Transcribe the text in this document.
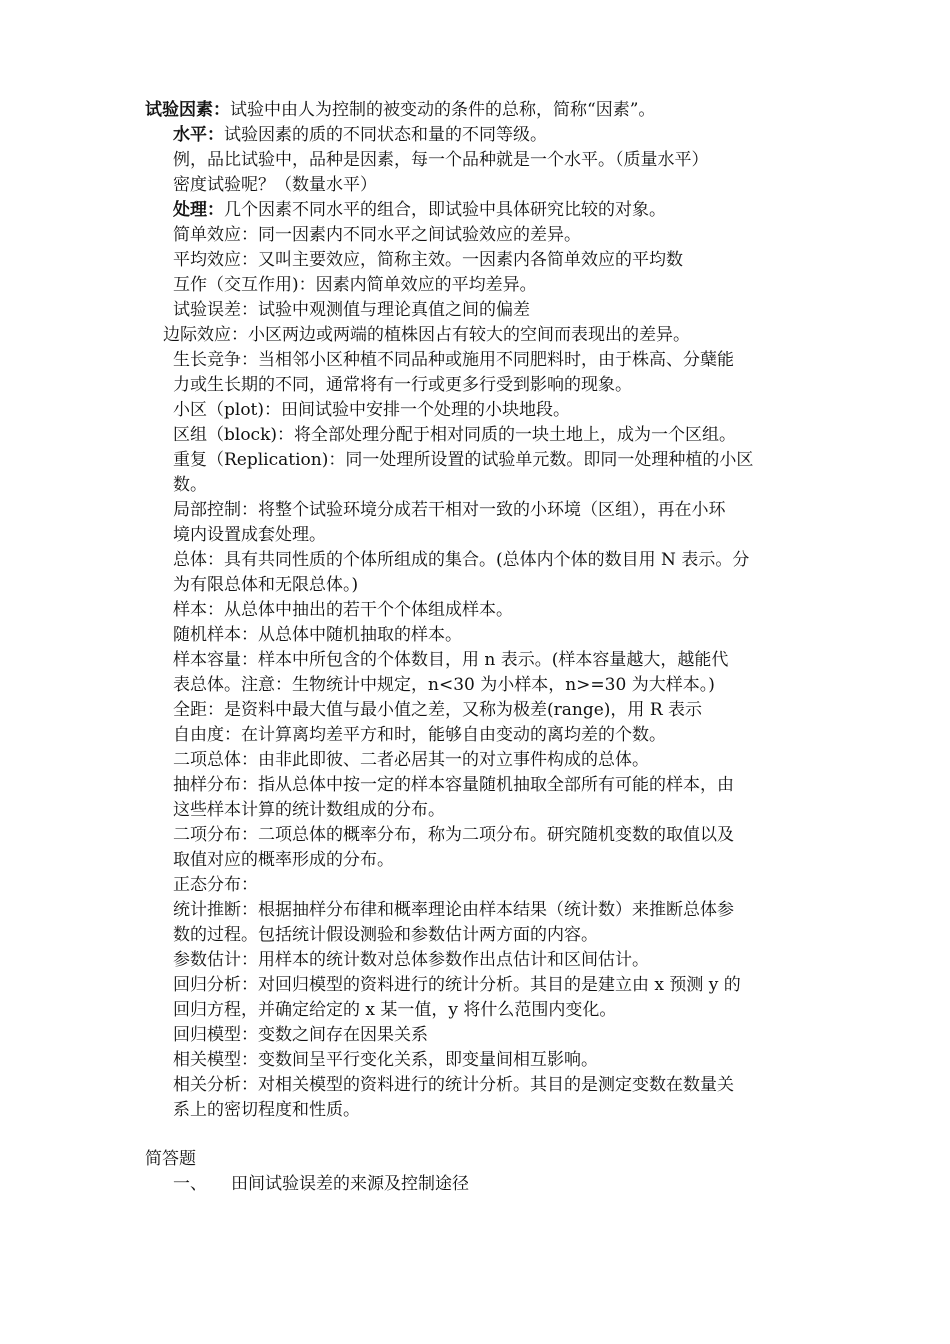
试验因素：试验中由人为控制的被变动的条件的总称，简称“因素”。
水平：试验因素的质的不同状态和量的不同等级。
例，品比试验中，品种是因素，每一个品种就是一个水平。（质量水平）
密度试验呢？（数量水平）
处理：几个因素不同水平的组合，即试验中具体研究比较的对象。
简单效应：同一因素内不同水平之间试验效应的差异。
平均效应：又叫主要效应，简称主效。一因素内各简单效应的平均数
互作（交互作用)：因素内简单效应的平均差异。
试验误差：试验中观测值与理论真值之间的偏差
边际效应：小区两边或两端的植株因占有较大的空间而表现出的差异。
生长竞争：当相邻小区种植不同品种或施用不同肥料时，由于株高、分蘖能
力或生长期的不同，通常将有一行或更多行受到影响的现象。
小区（plot)：田间试验中安排一个处理的小块地段。
区组（block)：将全部处理分配于相对同质的一块土地上，成为一个区组。
重复（Replication)：同一处理所设置的试验单元数。即同一处理种植的小区
数。
局部控制：将整个试验环境分成若干相对一致的小环境（区组），再在小环
境内设置成套处理。
总体：具有共同性质的个体所组成的集合。(总体内个体的数目用 N 表示。分
为有限总体和无限总体。)
样本：从总体中抽出的若干个个体组成样本。
随机样本：从总体中随机抽取的样本。
样本容量：样本中所包含的个体数目，用 n 表示。(样本容量越大，越能代
表总体。注意：生物统计中规定，n<30 为小样本，n>=30 为大样本。)
全距：是资料中最大值与最小值之差，又称为极差(range)，用 R 表示
自由度：在计算离均差平方和时，能够自由变动的离均差的个数。
二项总体：由非此即彼、二者必居其一的对立事件构成的总体。
抽样分布：指从总体中按一定的样本容量随机抽取全部所有可能的样本，由
这些样本计算的统计数组成的分布。
二项分布：二项总体的概率分布，称为二项分布。研究随机变数的取值以及
取值对应的概率形成的分布。
正态分布：
统计推断：根据抽样分布律和概率理论由样本结果（统计数）来推断总体参
数的过程。包括统计假设测验和参数估计两方面的内容。
参数估计：用样本的统计数对总体参数作出点估计和区间估计。
回归分析：对回归模型的资料进行的统计分析。其目的是建立由 x 预测 y 的
回归方程，并确定给定的 x 某一值，y 将什么范围内变化。
回归模型：变数之间存在因果关系
相关模型：变数间呈平行变化关系，即变量间相互影响。
相关分析：对相关模型的资料进行的统计分析。其目的是测定变数在数量关
系上的密切程度和性质。
简答题
一、 田间试验误差的来源及控制途径
